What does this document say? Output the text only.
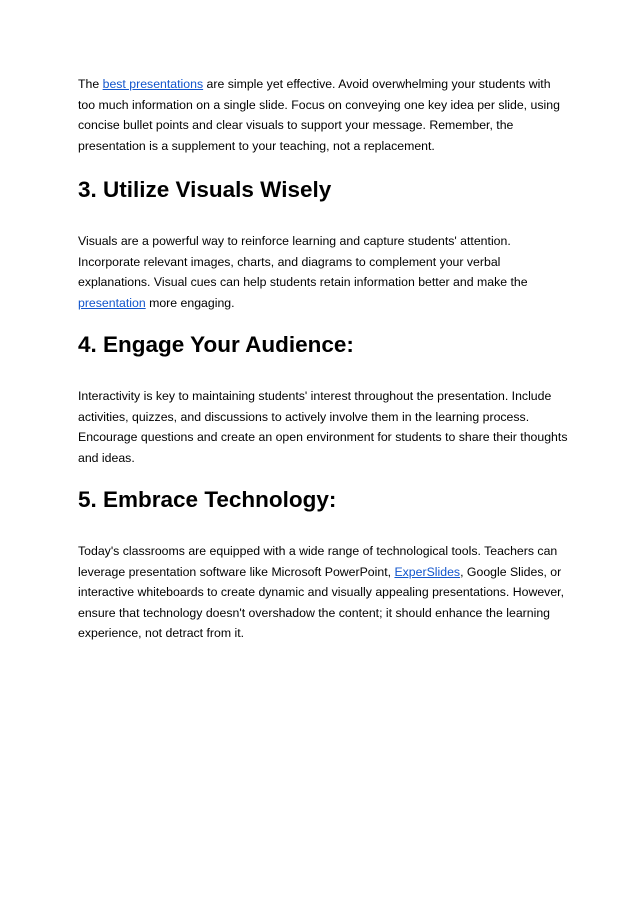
The best presentations are simple yet effective. Avoid overwhelming your students with too much information on a single slide. Focus on conveying one key idea per slide, using concise bullet points and clear visuals to support your message. Remember, the presentation is a supplement to your teaching, not a replacement.

3. Utilize Visuals Wisely

Visuals are a powerful way to reinforce learning and capture students' attention. Incorporate relevant images, charts, and diagrams to complement your verbal explanations. Visual cues can help students retain information better and make the presentation more engaging.

4. Engage Your Audience:

Interactivity is key to maintaining students' interest throughout the presentation. Include activities, quizzes, and discussions to actively involve them in the learning process. Encourage questions and create an open environment for students to share their thoughts and ideas.

5. Embrace Technology:

Today's classrooms are equipped with a wide range of technological tools. Teachers can leverage presentation software like Microsoft PowerPoint, ExperSlides, Google Slides, or interactive whiteboards to create dynamic and visually appealing presentations. However, ensure that technology doesn't overshadow the content; it should enhance the learning experience, not detract from it.
